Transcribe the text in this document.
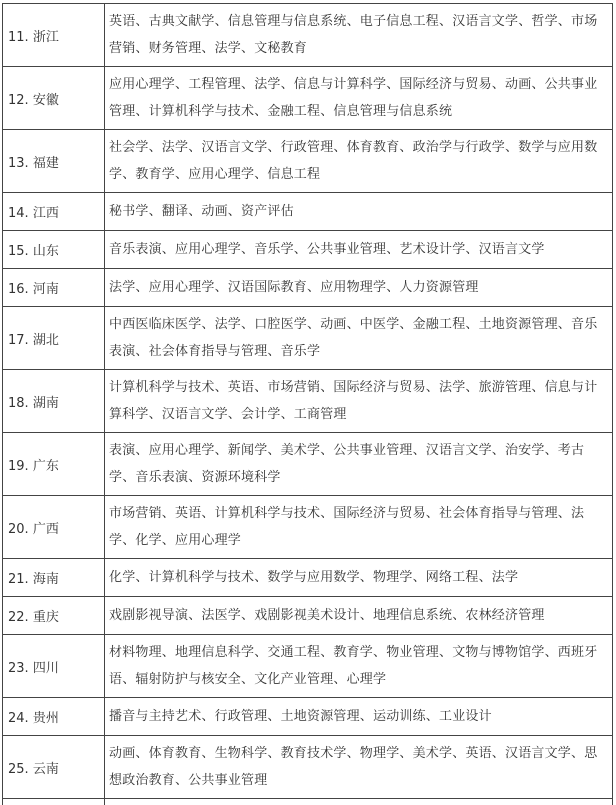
11. 浙江	英语、古典文献学、信息管理与信息系统、电子信息工程、汉语言文学、哲学、市场营销、财务管理、法学、文秘教育
12. 安徽	应用心理学、工程管理、法学、信息与计算科学、国际经济与贸易、动画、公共事业管理、计算机科学与技术、金融工程、信息管理与信息系统
13. 福建	社会学、法学、汉语言文学、行政管理、体育教育、政治学与行政学、数学与应用数学、教育学、应用心理学、信息工程
14. 江西	秘书学、翻译、动画、资产评估
15. 山东	音乐表演、应用心理学、音乐学、公共事业管理、艺术设计学、汉语言文学
16. 河南	法学、应用心理学、汉语国际教育、应用物理学、人力资源管理
17. 湖北	中西医临床医学、法学、口腔医学、动画、中医学、金融工程、土地资源管理、音乐表演、社会体育指导与管理、音乐学
18. 湖南	计算机科学与技术、英语、市场营销、国际经济与贸易、法学、旅游管理、信息与计算科学、汉语言文学、会计学、工商管理
19. 广东	表演、应用心理学、新闻学、美术学、公共事业管理、汉语言文学、治安学、考古学、音乐表演、资源环境科学
20. 广西	市场营销、英语、计算机科学与技术、国际经济与贸易、社会体育指导与管理、法学、化学、应用心理学
21. 海南	化学、计算机科学与技术、数学与应用数学、物理学、网络工程、法学
22. 重庆	戏剧影视导演、法医学、戏剧影视美术设计、地理信息系统、农林经济管理
23. 四川	材料物理、地理信息科学、交通工程、教育学、物业管理、文物与博物馆学、西班牙语、辐射防护与核安全、文化产业管理、心理学
24. 贵州	播音与主持艺术、行政管理、土地资源管理、运动训练、工业设计
25. 云南	动画、体育教育、生物科学、教育技术学、物理学、美术学、英语、汉语言文学、思想政治教育、公共事业管理
